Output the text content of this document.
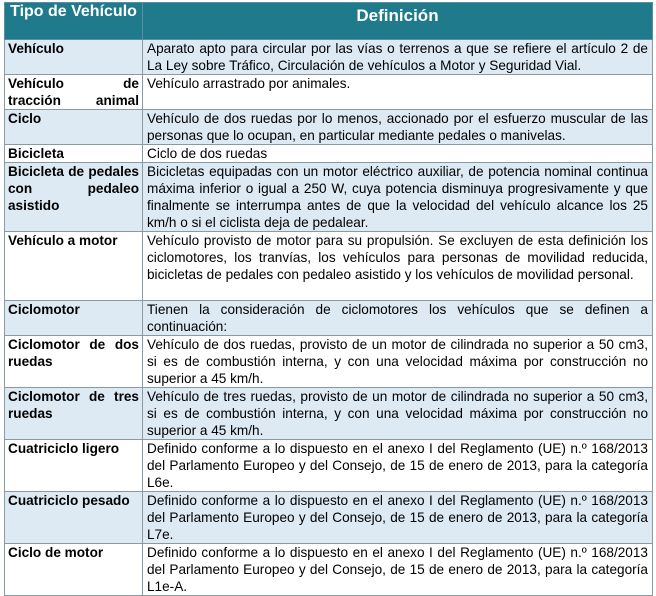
Tipo de Vehículo	Definición
Vehículo	Aparato apto para circular por las vías o terrenos a que se refiere el artículo 2 de La Ley sobre Tráfico, Circulación de vehículos a Motor y Seguridad Vial.
Vehículo de tracción animal	Vehículo arrastrado por animales.
Ciclo	Vehículo de dos ruedas por lo menos, accionado por el esfuerzo muscular de las personas que lo ocupan, en particular mediante pedales o manivelas.
Bicicleta	Ciclo de dos ruedas
Bicicleta de pedales con pedaleo asistido	Bicicletas equipadas con un motor eléctrico auxiliar, de potencia nominal continua máxima inferior o igual a 250 W, cuya potencia disminuya progresivamente y que finalmente se interrumpa antes de que la velocidad del vehículo alcance los 25 km/h o si el ciclista deja de pedalear.
Vehículo a motor	Vehículo provisto de motor para su propulsión. Se excluyen de esta definición los ciclomotores, los tranvías, los vehículos para personas de movilidad reducida, bicicletas de pedales con pedaleo asistido y los vehículos de movilidad personal.
Ciclomotor	Tienen la consideración de ciclomotores los vehículos que se definen a continuación:
Ciclomotor de dos ruedas	Vehículo de dos ruedas, provisto de un motor de cilindrada no superior a 50 cm3, si es de combustión interna, y con una velocidad máxima por construcción no superior a 45 km/h.
Ciclomotor de tres ruedas	Vehículo de tres ruedas, provisto de un motor de cilindrada no superior a 50 cm3, si es de combustión interna, y con una velocidad máxima por construcción no superior a 45 km/h.
Cuatriciclo ligero	Definido conforme a lo dispuesto en el anexo I del Reglamento (UE) n.º 168/2013 del Parlamento Europeo y del Consejo, de 15 de enero de 2013, para la categoría L6e.
Cuatriciclo pesado	Definido conforme a lo dispuesto en el anexo I del Reglamento (UE) n.º 168/2013 del Parlamento Europeo y del Consejo, de 15 de enero de 2013, para la categoría L7e.
Ciclo de motor	Definido conforme a lo dispuesto en el anexo I del Reglamento (UE) n.º 168/2013 del Parlamento Europeo y del Consejo, de 15 de enero de 2013, para la categoría L1e-A.
